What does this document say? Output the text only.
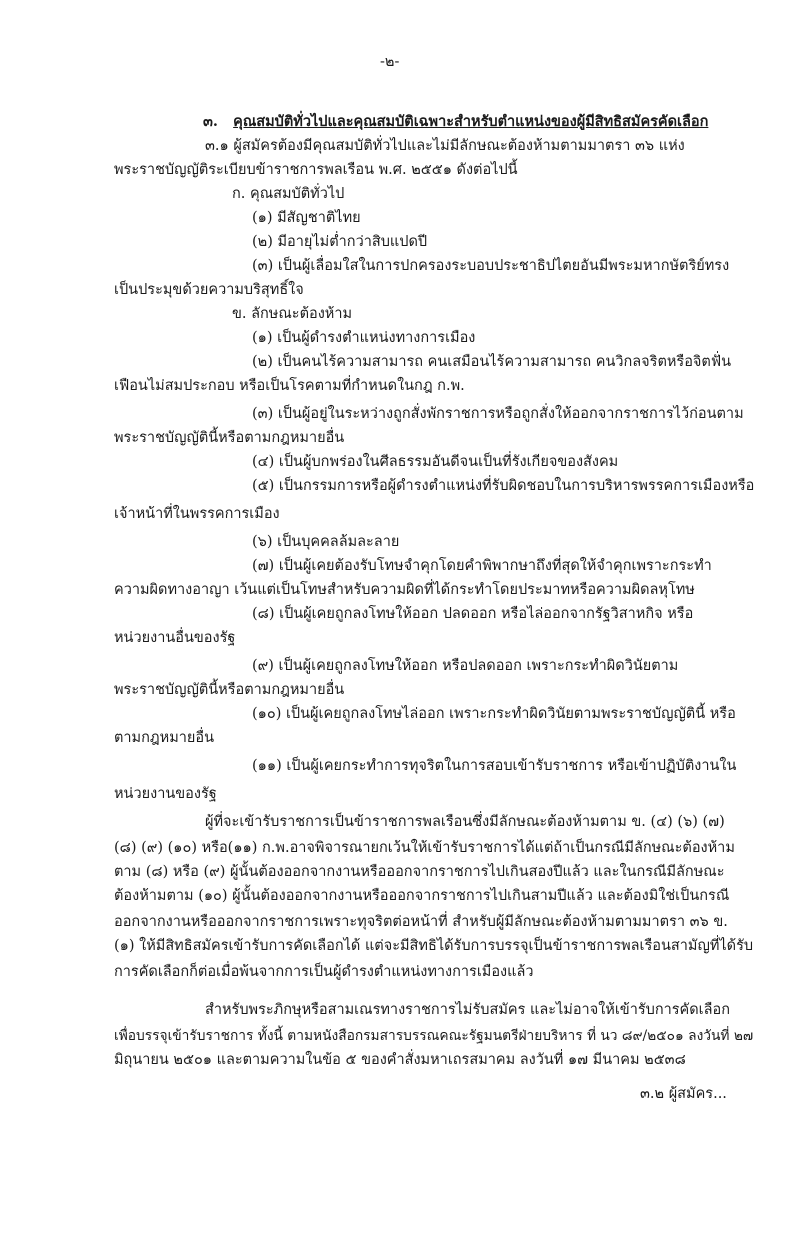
-๒-

๓. คุณสมบัติทั่วไปและคุณสมบัติเฉพาะสำหรับตำแหน่งของผู้มีสิทธิสมัครคัดเลือก

๓.๑ ผู้สมัครต้องมีคุณสมบัติทั่วไปและไม่มีลักษณะต้องห้ามตามมาตรา ๓๖ แห่ง

พระราชบัญญัติระเบียบข้าราชการพลเรือน พ.ศ. ๒๕๕๑ ดังต่อไปนี้

ก. คุณสมบัติทั่วไป

(๑) มีสัญชาติไทย

(๒) มีอายุไม่ต่ำกว่าสิบแปดปี

(๓) เป็นผู้เลื่อมใสในการปกครองระบอบประชาธิปไตยอันมีพระมหากษัตริย์ทรง

เป็นประมุขด้วยความบริสุทธิ์ใจ

ข. ลักษณะต้องห้าม

(๑) เป็นผู้ดำรงตำแหน่งทางการเมือง

(๒) เป็นคนไร้ความสามารถ คนเสมือนไร้ความสามารถ คนวิกลจริตหรือจิตฟั่น

เฟือนไม่สมประกอบ หรือเป็นโรคตามที่กำหนดในกฎ ก.พ.

(๓) เป็นผู้อยู่ในระหว่างถูกสั่งพักราชการหรือถูกสั่งให้ออกจากราชการไว้ก่อนตาม

พระราชบัญญัตินี้หรือตามกฎหมายอื่น

(๔) เป็นผู้บกพร่องในศีลธรรมอันดีจนเป็นที่รังเกียจของสังคม

(๕) เป็นกรรมการหรือผู้ดำรงตำแหน่งที่รับผิดชอบในการบริหารพรรคการเมืองหรือ

เจ้าหน้าที่ในพรรคการเมือง

(๖) เป็นบุคคลล้มละลาย

(๗) เป็นผู้เคยต้องรับโทษจำคุกโดยคำพิพากษาถึงที่สุดให้จำคุกเพราะกระทำ

ความผิดทางอาญา เว้นแต่เป็นโทษสำหรับความผิดที่ได้กระทำโดยประมาทหรือความผิดลหุโทษ

(๘) เป็นผู้เคยถูกลงโทษให้ออก ปลดออก หรือไล่ออกจากรัฐวิสาหกิจ หรือ

หน่วยงานอื่นของรัฐ

(๙) เป็นผู้เคยถูกลงโทษให้ออก หรือปลดออก เพราะกระทำผิดวินัยตาม

พระราชบัญญัตินี้หรือตามกฎหมายอื่น

(๑๐) เป็นผู้เคยถูกลงโทษไล่ออก เพราะกระทำผิดวินัยตามพระราชบัญญัตินี้ หรือ

ตามกฎหมายอื่น

(๑๑) เป็นผู้เคยกระทำการทุจริตในการสอบเข้ารับราชการ หรือเข้าปฏิบัติงานใน

หน่วยงานของรัฐ

ผู้ที่จะเข้ารับราชการเป็นข้าราชการพลเรือนซึ่งมีลักษณะต้องห้ามตาม ข. (๔) (๖) (๗)

(๘) (๙) (๑๐) หรือ(๑๑) ก.พ.อาจพิจารณายกเว้นให้เข้ารับราชการได้แต่ถ้าเป็นกรณีมีลักษณะต้องห้าม

ตาม (๘) หรือ (๙) ผู้นั้นต้องออกจากงานหรือออกจากราชการไปเกินสองปีแล้ว และในกรณีมีลักษณะ

ต้องห้ามตาม (๑๐) ผู้นั้นต้องออกจากงานหรือออกจากราชการไปเกินสามปีแล้ว และต้องมิใช่เป็นกรณี

ออกจากงานหรือออกจากราชการเพราะทุจริตต่อหน้าที่ สำหรับผู้มีลักษณะต้องห้ามตามมาตรา ๓๖ ข.

(๑) ให้มีสิทธิสมัครเข้ารับการคัดเลือกได้ แต่จะมีสิทธิได้รับการบรรจุเป็นข้าราชการพลเรือนสามัญที่ได้รับ

การคัดเลือกก็ต่อเมื่อพ้นจากการเป็นผู้ดำรงตำแหน่งทางการเมืองแล้ว

สำหรับพระภิกษุหรือสามเณรทางราชการไม่รับสมัคร และไม่อาจให้เข้ารับการคัดเลือก

เพื่อบรรจุเข้ารับราชการ ทั้งนี้ ตามหนังสือกรมสารบรรณคณะรัฐมนตรีฝ่ายบริหาร ที่ นว ๘๙/๒๕๐๑ ลงวันที่ ๒๗

มิถุนายน ๒๕๐๑ และตามความในข้อ ๕ ของคำสั่งมหาเถรสมาคม ลงวันที่ ๑๗ มีนาคม ๒๕๓๘

๓.๒ ผู้สมัคร...
